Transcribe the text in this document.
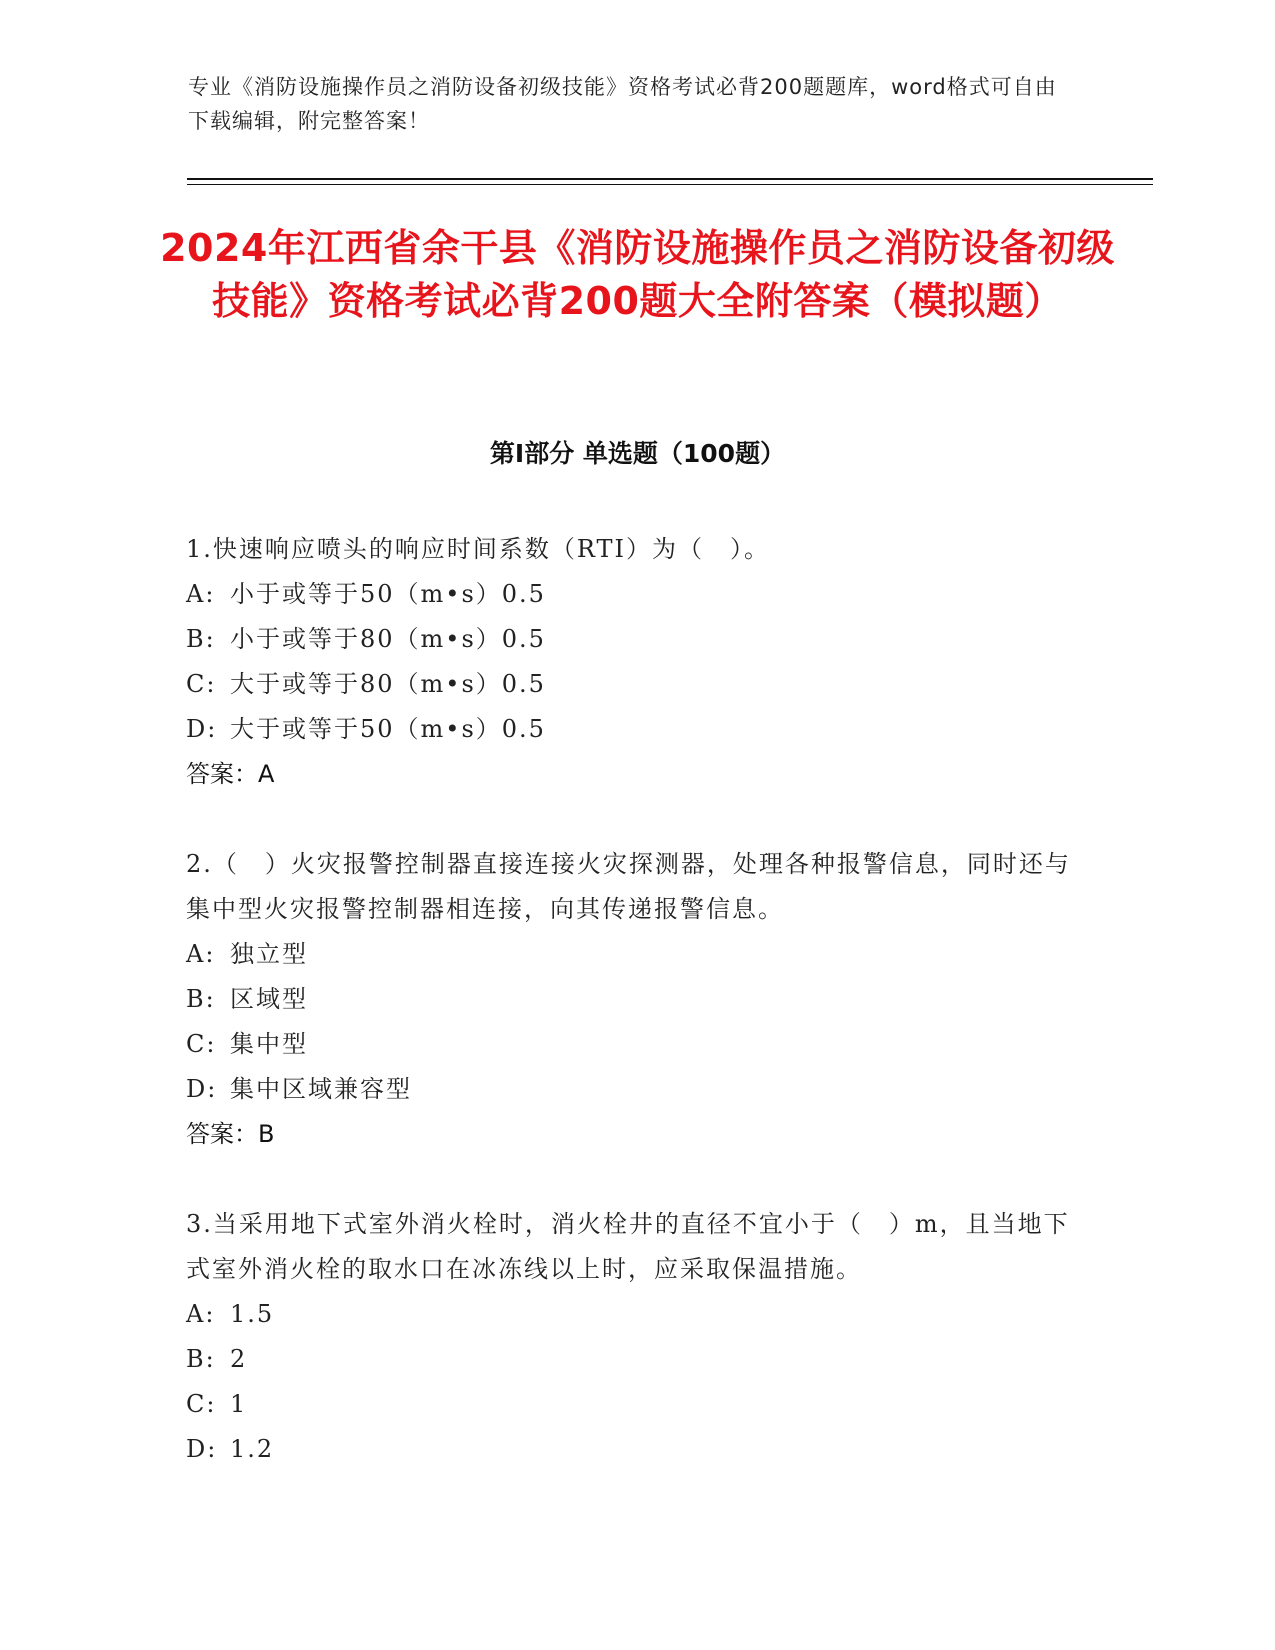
专业《消防设施操作员之消防设备初级技能》资格考试必背200题题库，word格式可自由下载编辑，附完整答案！
2024年江西省余干县《消防设施操作员之消防设备初级技能》资格考试必背200题大全附答案（模拟题）
第Ⅰ部分 单选题（100题）

1.快速响应喷头的响应时间系数（RTI）为（　）。

A: 小于或等于50（m•s）0.5

B: 小于或等于80（m•s）0.5

C: 大于或等于80（m•s）0.5

D: 大于或等于50（m•s）0.5

答案：A

2.（　）火灾报警控制器直接连接火灾探测器，处理各种报警信息，同时还与集中型火灾报警控制器相连接，向其传递报警信息。

A: 独立型

B: 区域型

C: 集中型

D: 集中区域兼容型

答案：B

3.当采用地下式室外消火栓时，消火栓井的直径不宜小于（　）m，且当地下式室外消火栓的取水口在冰冻线以上时，应采取保温措施。

A: 1.5

B: 2

C: 1

D: 1.2
